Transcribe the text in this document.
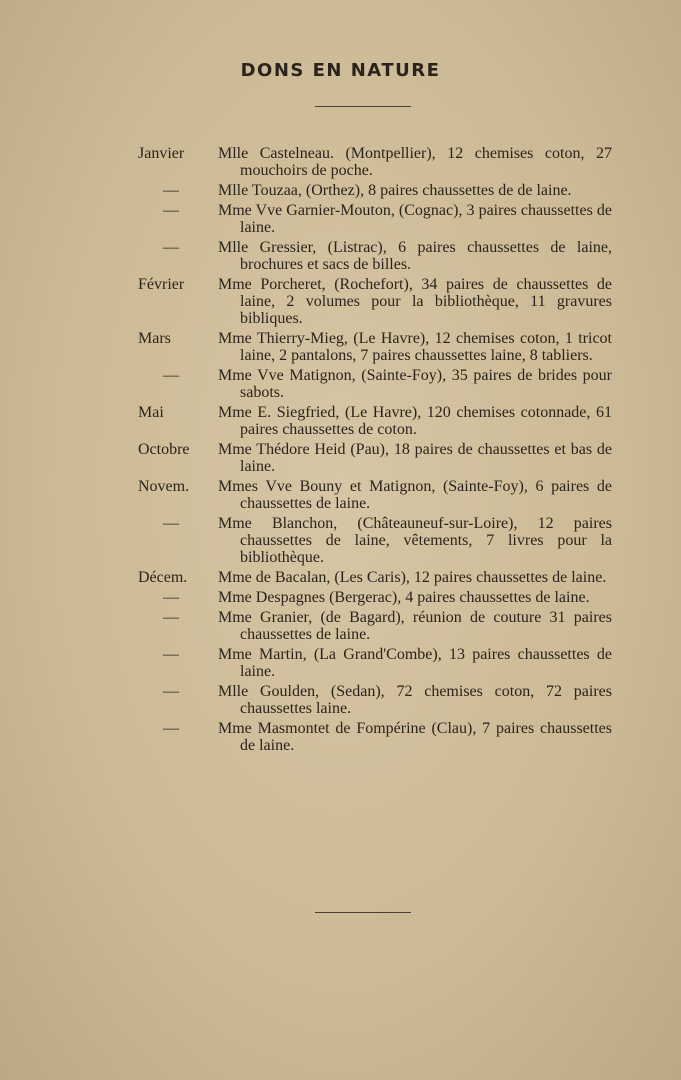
DONS EN NATURE
Janvier	Mlle Castelneau. (Montpellier), 12 chemises coton, 27 mouchoirs de poche.
—	Mlle Touzaa, (Orthez), 8 paires chaussettes de de laine.
—	Mme Vve Garnier-Mouton, (Cognac), 3 paires chaussettes de laine.
—	Mlle Gressier, (Listrac), 6 paires chaussettes de laine, brochures et sacs de billes.
Février	Mme Porcheret, (Rochefort), 34 paires de chaussettes de laine, 2 volumes pour la bibliothèque, 11 gravures bibliques.
Mars	Mme Thierry-Mieg, (Le Havre), 12 chemises coton, 1 tricot laine, 2 pantalons, 7 paires chaussettes laine, 8 tabliers.
—	Mme Vve Matignon, (Sainte-Foy), 35 paires de brides pour sabots.
Mai	Mme E. Siegfried, (Le Havre), 120 chemises cotonnade, 61 paires chaussettes de coton.
Octobre	Mme Thédore Heid (Pau), 18 paires de chaussettes et bas de laine.
Novem.	Mmes Vve Bouny et Matignon, (Sainte-Foy), 6 paires de chaussettes de laine.
—	Mme Blanchon, (Châteauneuf-sur-Loire), 12 paires chaussettes de laine, vêtements, 7 livres pour la bibliothèque.
Décem.	Mme de Bacalan, (Les Caris), 12 paires chaussettes de laine.
—	Mme Despagnes (Bergerac), 4 paires chaussettes de laine.
—	Mme Granier, (de Bagard), réunion de couture 31 paires chaussettes de laine.
—	Mme Martin, (La Grand'Combe), 13 paires chaussettes de laine.
—	Mlle Goulden, (Sedan), 72 chemises coton, 72 paires chaussettes laine.
—	Mme Masmontet de Fompérine (Clau), 7 paires chaussettes de laine.
